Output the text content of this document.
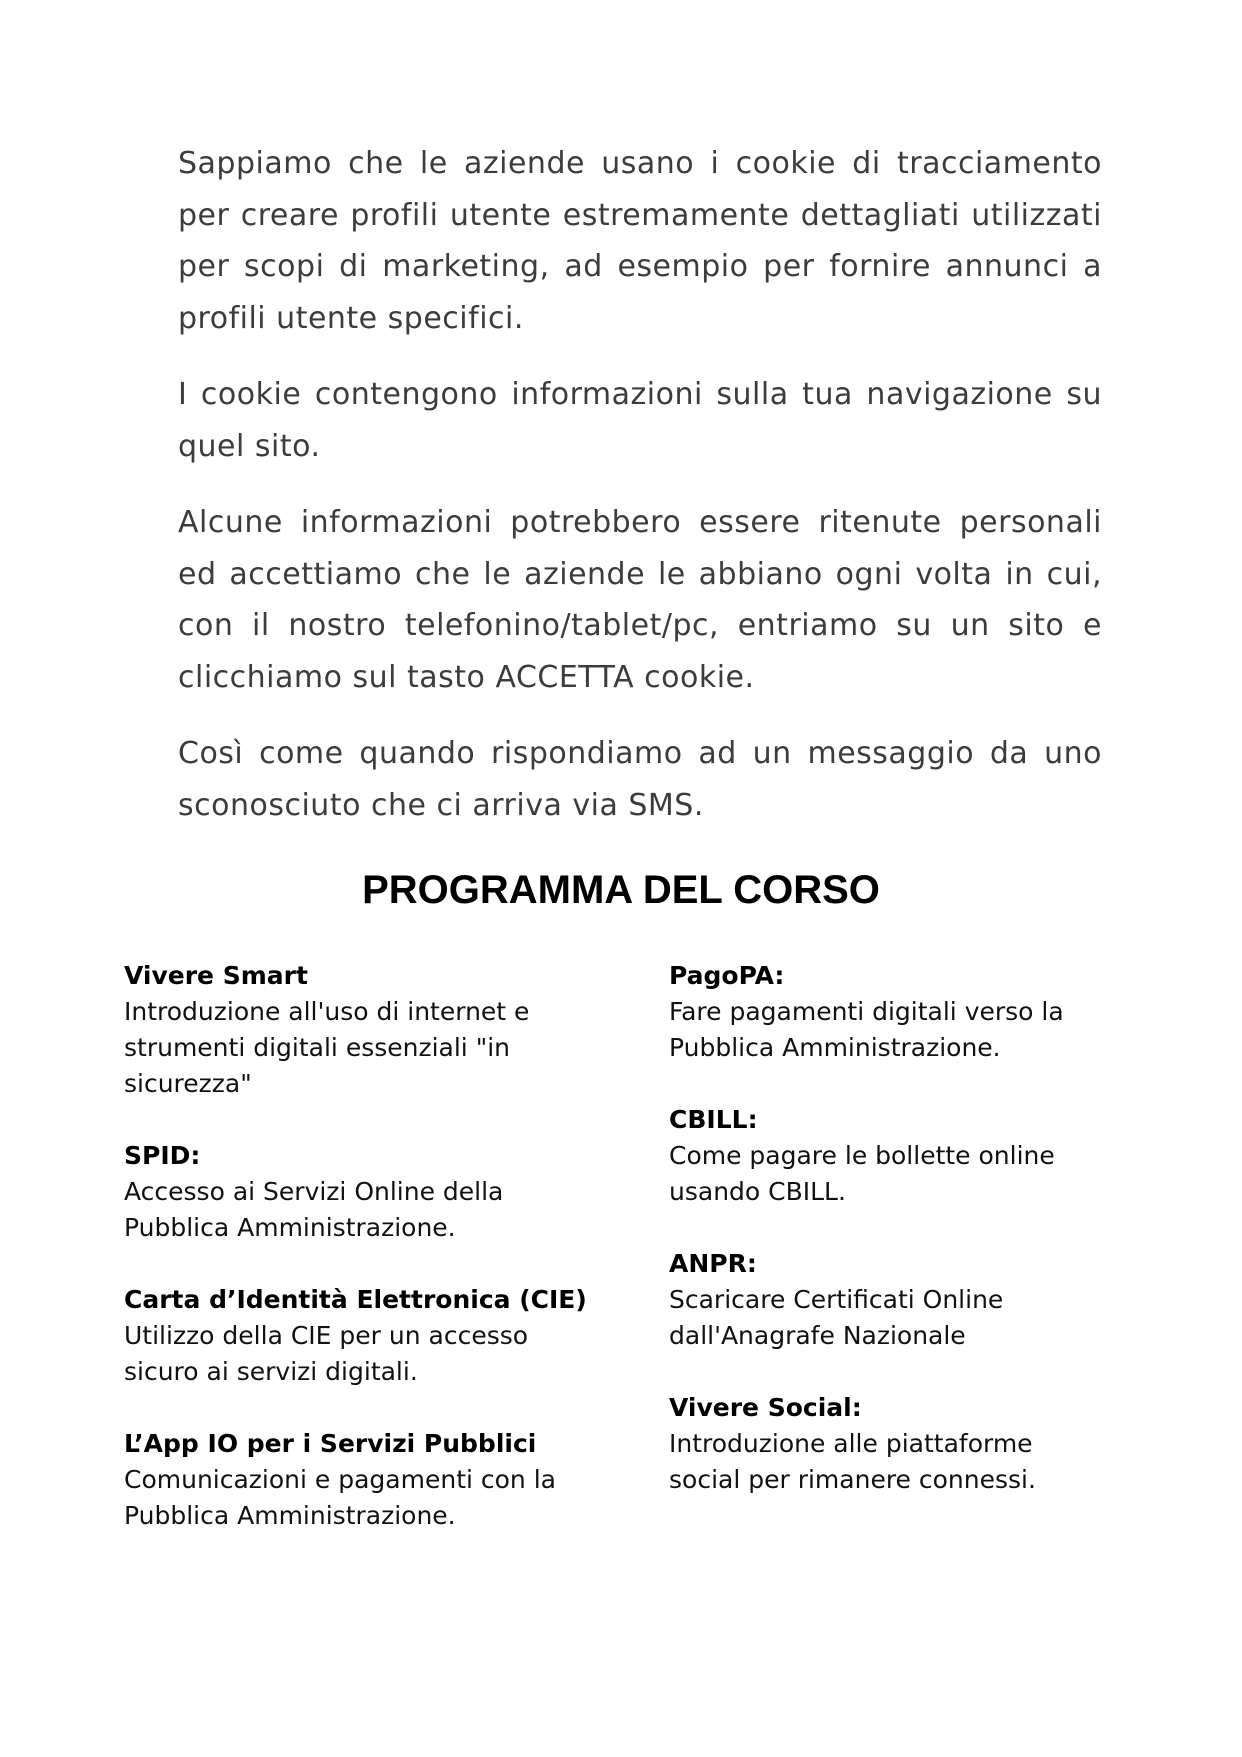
Sappiamo che le aziende usano i cookie di tracciamento per creare profili utente estremamente dettagliati utilizzati per scopi di marketing, ad esempio per fornire annunci a profili utente specifici.

I cookie contengono informazioni sulla tua navigazione su quel sito.

Alcune informazioni potrebbero essere ritenute personali ed accettiamo che le aziende le abbiano ogni volta in cui, con il nostro telefonino/tablet/pc, entriamo su un sito e clicchiamo sul tasto ACCETTA cookie.

Così come quando rispondiamo ad un messaggio da uno sconosciuto che ci arriva via SMS.

PROGRAMMA DEL CORSO
Vivere Smart
Introduzione all'uso di internet e
strumenti digitali essenziali "in
sicurezza"
SPID:
Accesso ai Servizi Online della
Pubblica Amministrazione.
Carta d’Identità Elettronica (CIE)
Utilizzo della CIE per un accesso
sicuro ai servizi digitali.
L’App IO per i Servizi Pubblici
Comunicazioni e pagamenti con la
Pubblica Amministrazione.
PagoPA:
Fare pagamenti digitali verso la
Pubblica Amministrazione.
CBILL:
Come pagare le bollette online
usando CBILL.
ANPR:
Scaricare Certificati Online
dall'Anagrafe Nazionale
Vivere Social:
Introduzione alle piattaforme
social per rimanere connessi.
